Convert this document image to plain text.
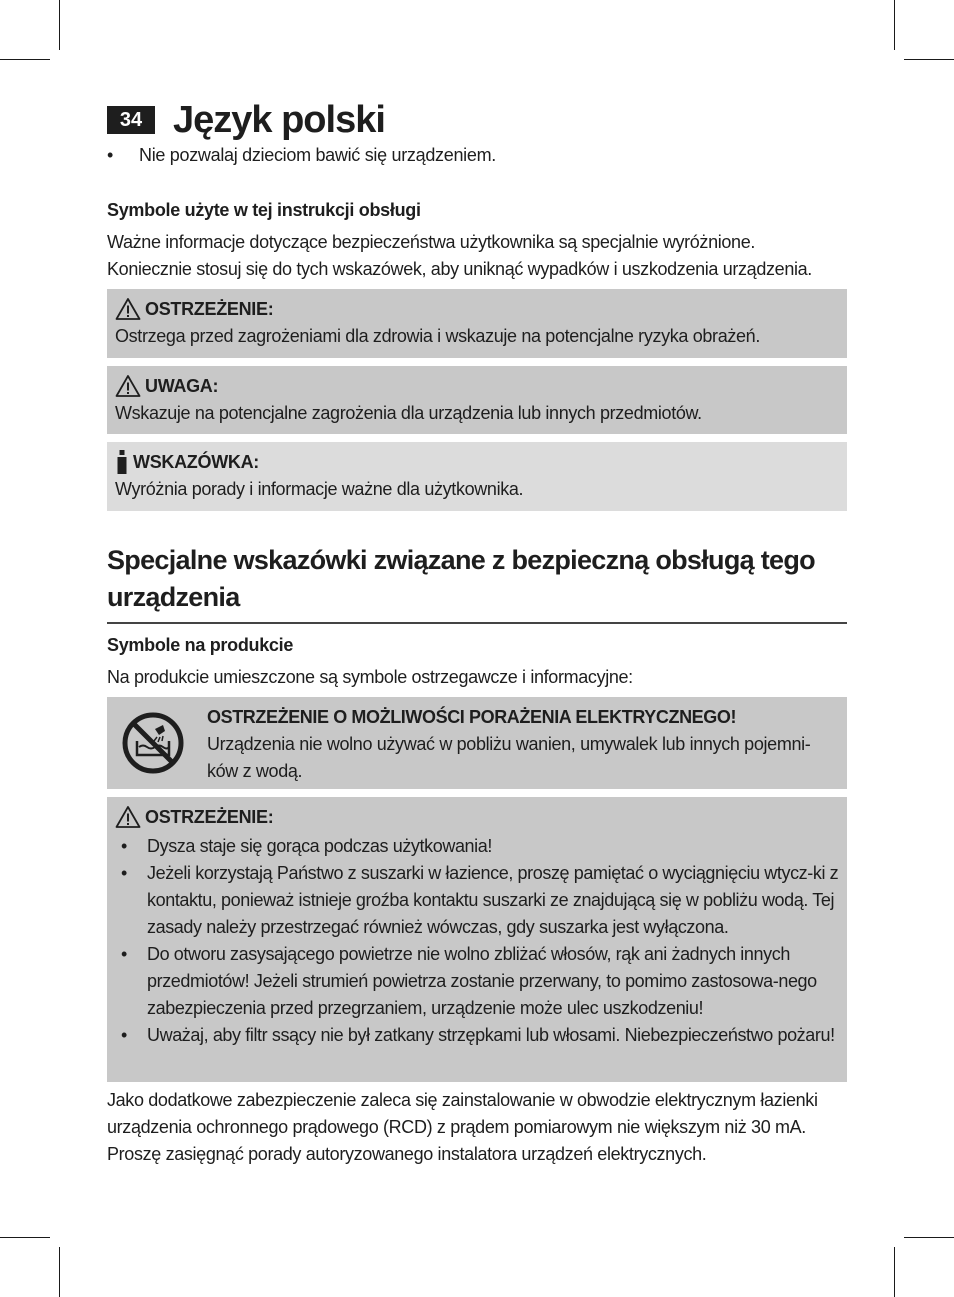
34 Język polski
• Nie pozwalaj dzieciom bawić się urządzeniem.
Symbole użyte w tej instrukcji obsługi
Ważne informacje dotyczące bezpieczeństwa użytkownika są specjalnie wyróżnione.
Koniecznie stosuj się do tych wskazówek, aby uniknąć wypadków i uszkodzenia urządzenia.
OSTRZEŻENIE:
Ostrzega przed zagrożeniami dla zdrowia i wskazuje na potencjalne ryzyka obrażeń.
UWAGA:
Wskazuje na potencjalne zagrożenia dla urządzenia lub innych przedmiotów.
WSKAZÓWKA:
Wyróżnia porady i informacje ważne dla użytkownika.
Specjalne wskazówki związane z bezpieczną obsługą tego
urządzenia
Symbole na produkcie
Na produkcie umieszczone są symbole ostrzegawcze i informacyjne:
OSTRZEŻENIE O MOŻLIWOŚCI PORAŻENIA ELEKTRYCZNEGO!
Urządzenia nie wolno używać w pobliżu wanien, umywalek lub innych pojemni-ków z wodą.
OSTRZEŻENIE:
• Dysza staje się gorąca podczas użytkowania!
• Jeżeli korzystają Państwo z suszarki w łazience, proszę pamiętać o wyciągnięciu wtycz-ki z kontaktu, ponieważ istnieje groźba kontaktu suszarki ze znajdującą się w pobliżu wodą. Tej zasady należy przestrzegać również wówczas, gdy suszarka jest wyłączona.
• Do otworu zasysającego powietrze nie wolno zbliżać włosów, rąk ani żadnych innych przedmiotów! Jeżeli strumień powietrza zostanie przerwany, to pomimo zastosowa-nego zabezpieczenia przed przegrzaniem, urządzenie może ulec uszkodzeniu!
• Uważaj, aby filtr ssący nie był zatkany strzępkami lub włosami. Niebezpieczeństwo pożaru!
Jako dodatkowe zabezpieczenie zaleca się zainstalowanie w obwodzie elektrycznym łazienki urządzenia ochronnego prądowego (RCD) z prądem pomiarowym nie większym niż 30 mA. Proszę zasięgnąć porady autoryzowanego instalatora urządzeń elektrycznych.
